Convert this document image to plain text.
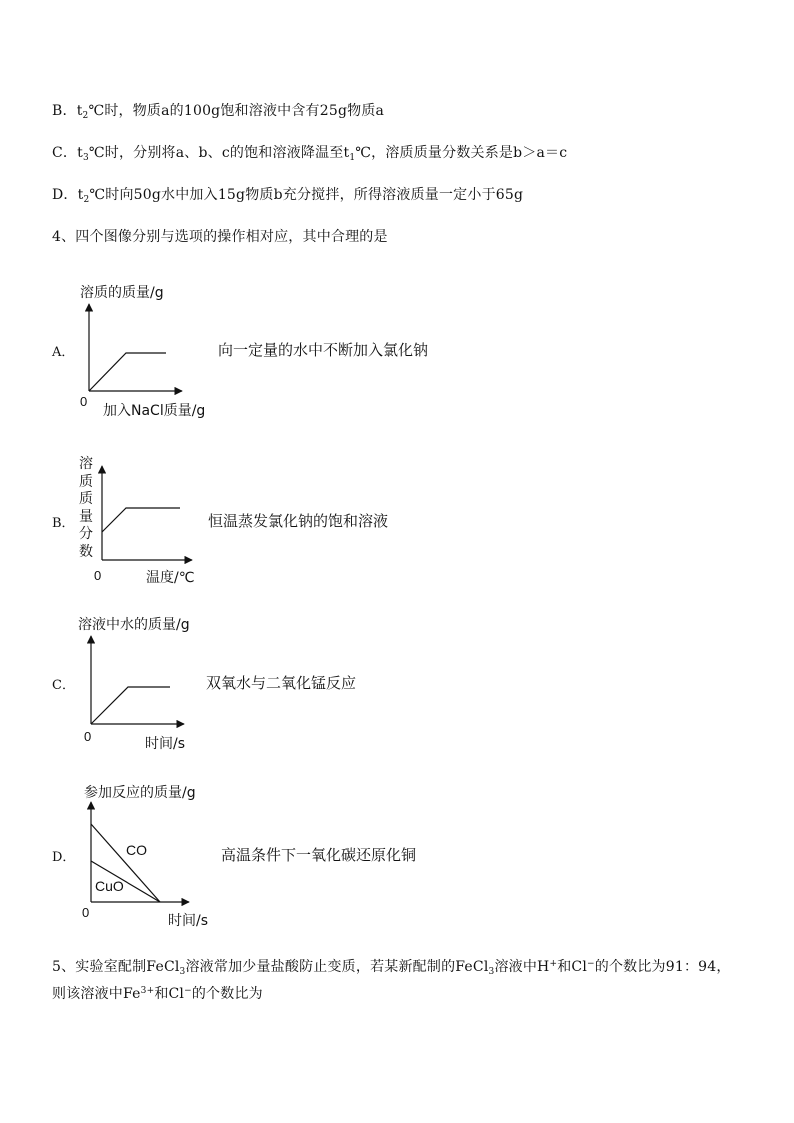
B．$t_2℃$时，物质a的100g饱和溶液中含有25g物质a
C．$t_3℃$时，分别将a、b、c的饱和溶液降温至$t_1℃$，溶质质量分数关系是b＞a＝c
D．$t_2℃$时向50g水中加入15g物质b充分搅拌，所得溶液质量一定小于65g
4、四个图像分别与选项的操作相对应，其中合理的是
溶质的质量/g
A．
0
加入NaCl质量/g
向一定量的水中不断加入氯化钠
溶
质
质
量
分
数
B．
0	温度/℃
恒温蒸发氯化钠的饱和溶液
溶液中水的质量/g
C．
0	时间/s
双氧水与二氧化锰反应
参加反应的质量/g
D．	CO
CuO
0
时间/s
高温条件下一氧化碳还原化铜
5、实验室配制FeCl$_3$溶液常加少量盐酸防止变质，若某新配制的FeCl$_3$溶液中H+和Cl−的个数比为91：94，
则该溶液中$Fe^{3+}$和Cl−的个数比为
